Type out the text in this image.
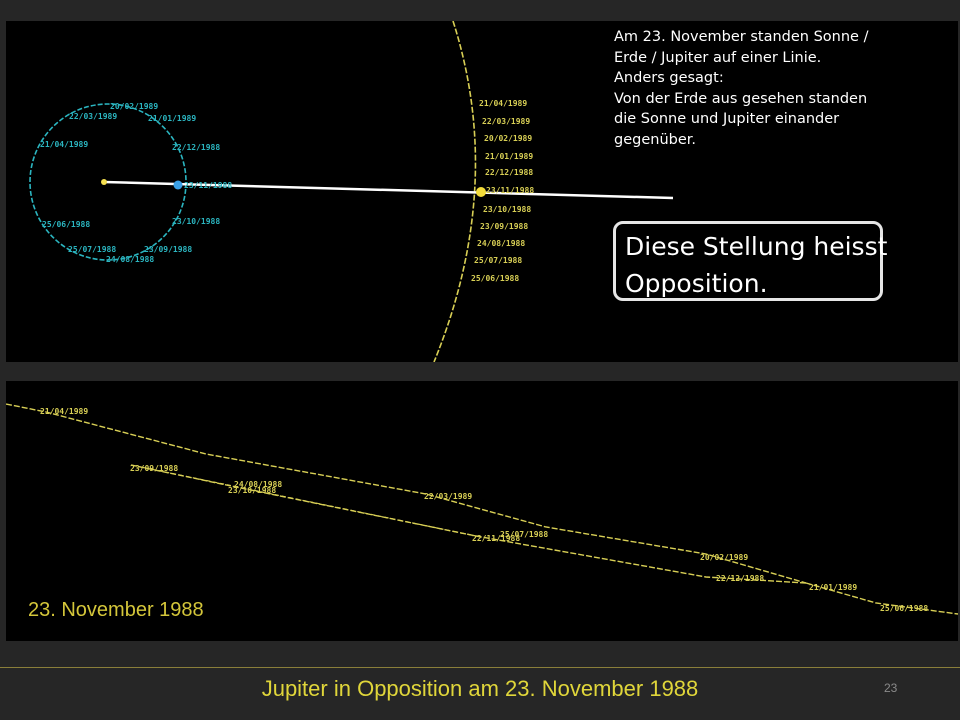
20/02/1989
22/03/1989	21/01/1989
21/04/1989	22/12/1988
23/11/1988
23/10/1988
25/06/1988
23/09/1988
25/07/1988
24/08/1988
21/04/1989
22/03/1989
20/02/1989
21/01/1989
22/12/1988
23/11/1988
23/10/1988
23/09/1988
24/08/1988
25/07/1988
25/06/1988
Am 23. November standen Sonne /
Erde / Jupiter auf einer Linie.
Anders gesagt:
Von der Erde aus gesehen standen
die Sonne und Jupiter einander
gegenüber.
Diese Stellung heisst
Opposition.
21/04/1989
23/09/1988
24/08/1988
23/10/1988
22/03/1989
25/07/1988
22/11/1988
20/02/1989
22/12/1988
21/01/1989
25/06/1988
23. November 1988
Jupiter in Opposition am 23. November 1988	23
